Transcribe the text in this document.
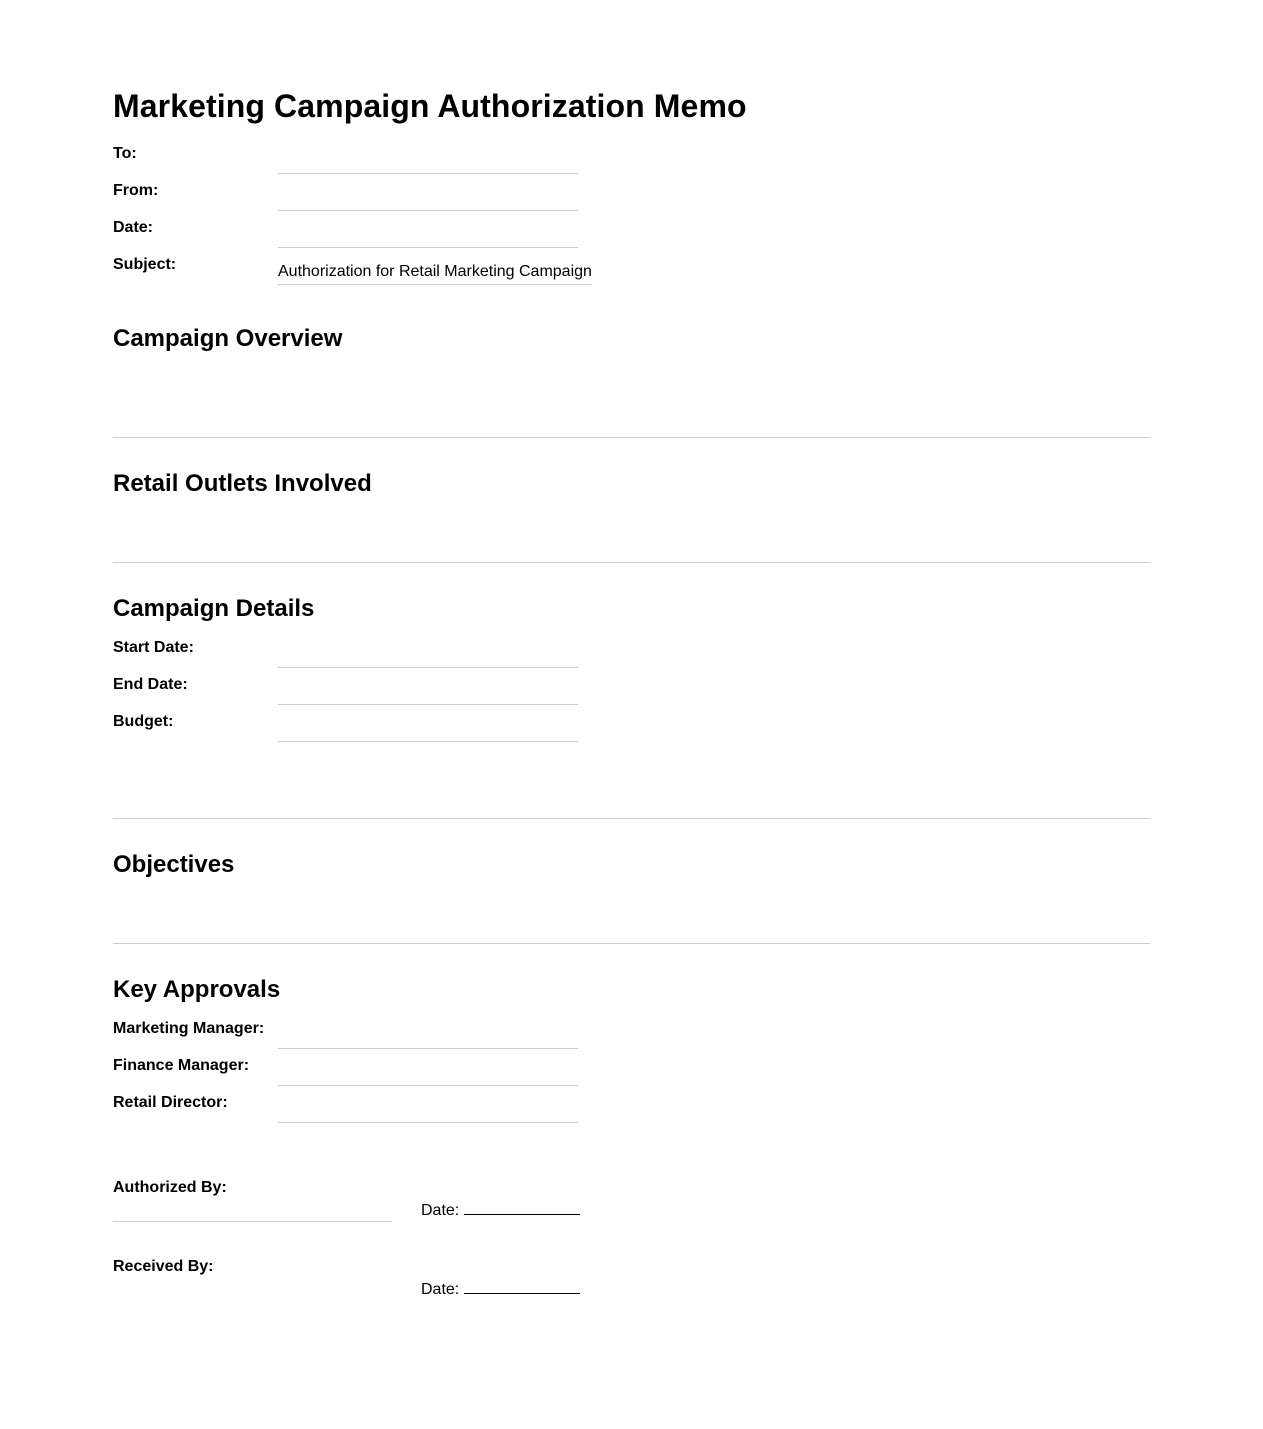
Marketing Campaign Authorization Memo
To:
From:
Date:
Subject:	Authorization for Retail Marketing Campaign
Campaign Overview
Retail Outlets Involved
Campaign Details
Start Date:
End Date:
Budget:
Objectives
Key Approvals
Marketing Manager:
Finance Manager:
Retail Director:
Authorized By:
Date:
Received By:
Date:
